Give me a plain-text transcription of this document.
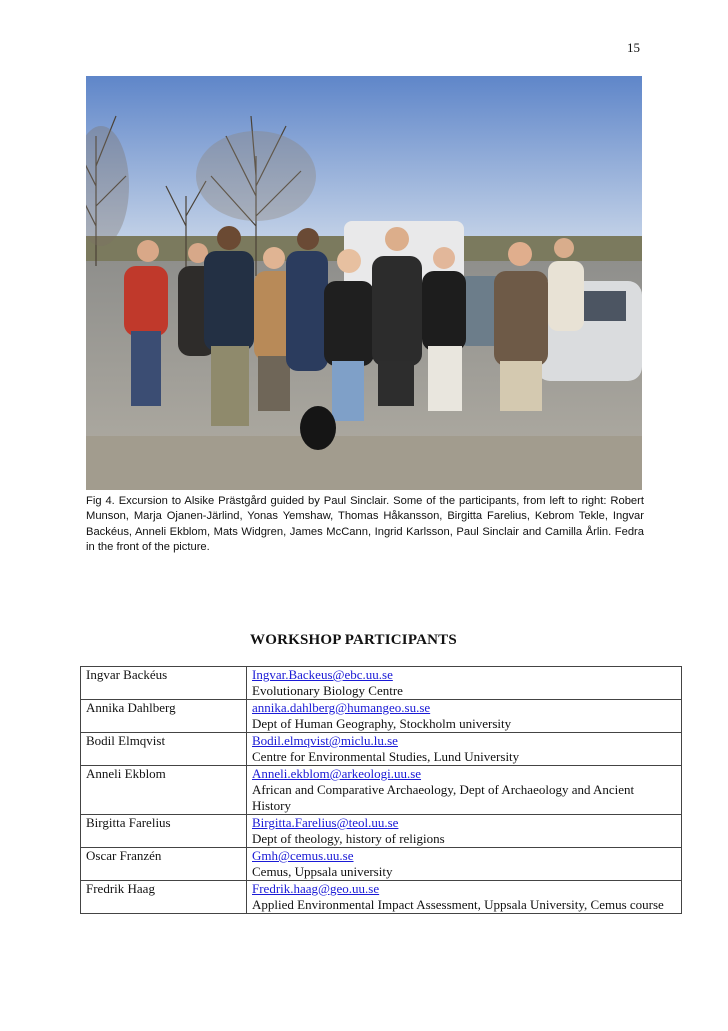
15
Fig 4. Excursion to Alsike Prästgård guided by Paul Sinclair. Some of the participants, from left to right: Robert Munson, Marja Ojanen-Järlind, Yonas Yemshaw, Thomas Håkansson, Birgitta Farelius, Kebrom Tekle, Ingvar Backéus, Anneli Ekblom, Mats Widgren, James McCann, Ingrid Karlsson, Paul Sinclair and Camilla Årlin. Fedra in the front of the picture.
WORKSHOP PARTICIPANTS
Ingvar Backéus	Ingvar.Backeus@ebc.uu.se
Evolutionary Biology Centre

Annika Dahlberg	annika.dahlberg@humangeo.su.se
Dept of Human Geography, Stockholm university

Bodil Elmqvist	Bodil.elmqvist@miclu.lu.se
Centre for Environmental Studies, Lund University

Anneli Ekblom	Anneli.ekblom@arkeologi.uu.se
African and Comparative Archaeology, Dept of Archaeology and Ancient History

Birgitta Farelius	Birgitta.Farelius@teol.uu.se
Dept of theology, history of religions

Oscar Franzén	Gmh@cemus.uu.se
Cemus, Uppsala university

Fredrik Haag	Fredrik.haag@geo.uu.se
Applied Environmental Impact Assessment, Uppsala University, Cemus course
